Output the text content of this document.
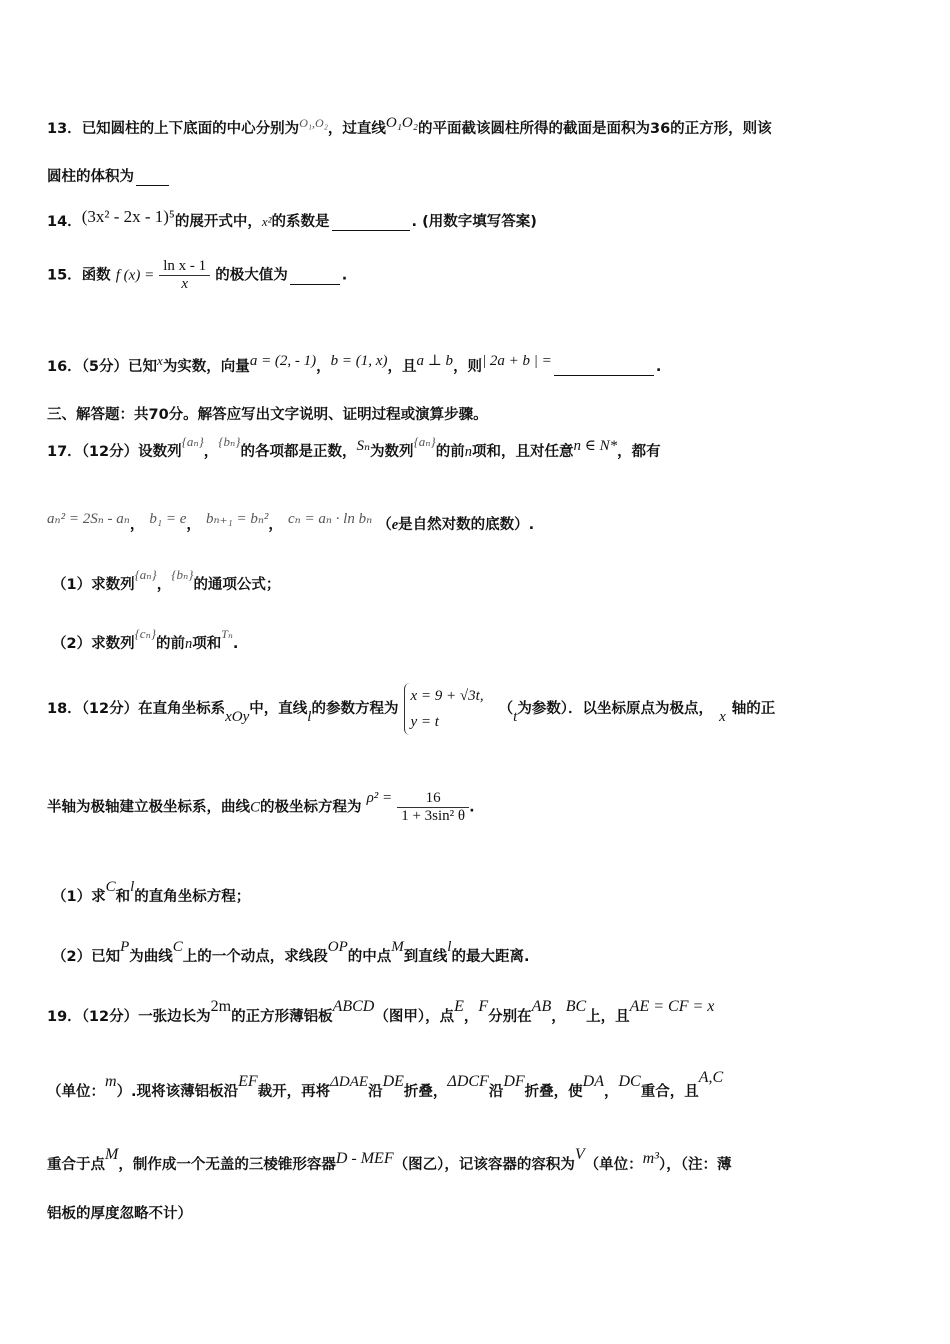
13．已知圆柱的上下底面的中心分别为$^{O_1,O_2}$，过直线O₁O₂的平面截该圆柱所得的截面是面积为36的正方形，则该
圆柱的体积为
14．(3x² - 2x - 1)⁵的展开式中，x²的系数是	. (用数字填写答案)
15．函数 f $(x) = \frac{\text{ln x - 1}}{x}$ 的极大值为	.
16．（5分）已知x为实数，向量a = (2, - 1)，b = (1, x)，且a ⊥ b，则| 2a + b | =	.
三、解答题：共70分。解答应写出文字说明、证明过程或演算步骤。
17．（12分）设数列{aₙ}，{bₙ}的各项都是正数，Sₙ为数列{aₙ}的前n项和，且对任意n ∈ N*，都有
aₙ² = 2Sₙ - aₙ， b₁ = e， bₙ₊₁ = bₙ²， cₙ = aₙ · ln bₙ （e是自然对数的底数）.
（1）求数列{aₙ}，{bₙ}的通项公式；
（2）求数列{cₙ}的前n项和$^{T_n}$.
18．（12分）在直角坐标系xOy中，直线l的参数方程为
x = 9 + √3t,
y = t
（t为参数）．以坐标原点为极点， x 轴的正
半轴为极轴建立极坐标系，曲线C的极坐标方程为 $\rho^2 = \frac{16}{\text{1 + 3sin² θ}}$ .
（1）求C和l的直角坐标方程；
（2）已知P为曲线C上的一个动点，求线段OP的中点M到直线l的最大距离.
19．（12分）一张边长为2m的正方形薄铝板ABCD（图甲），点E，F分别在AB，BC上，且AE = CF = x
（单位：m）.现将该薄铝板沿EF裁开，再将ΔDAE沿DE折叠，ΔDCF沿DF折叠，使DA，DC重合，且A,C
重合于点M，制作成一个无盖的三棱锥形容器D - MEF（图乙），记该容器的容积为V（单位：m³），（注：薄
铝板的厚度忽略不计）
